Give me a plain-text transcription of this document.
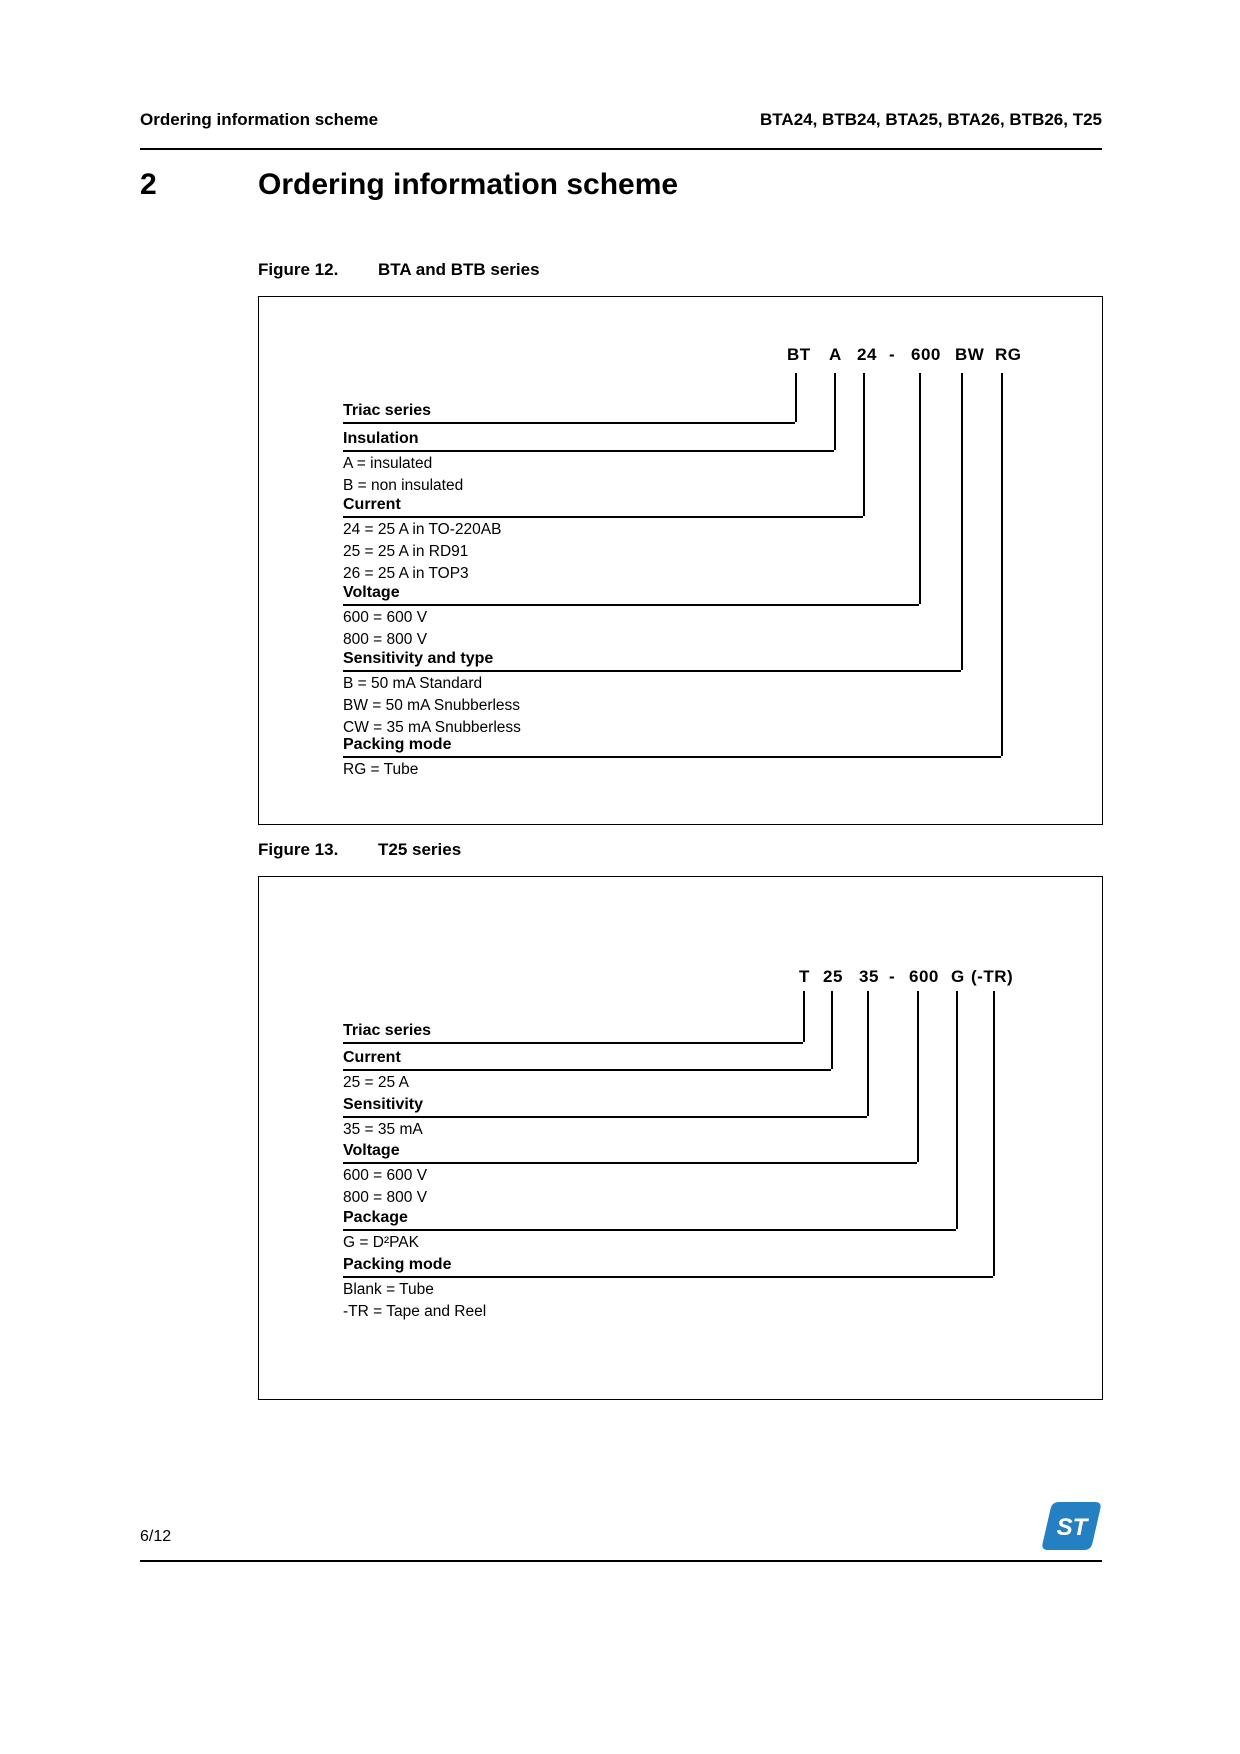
Ordering information scheme	BTA24, BTB24, BTA25, BTA26, BTB26, T25
2	Ordering information scheme
Figure 12.	BTA and BTB series
BT A 24 - 600 BW RG
Triac series
Insulation
A = insulated
B = non insulated
Current
24 = 25 A in TO-220AB
25 = 25 A in RD91
26 = 25 A in TOP3
Voltage
600 = 600 V
800 = 800 V
Sensitivity and type
B = 50 mA Standard
BW = 50 mA Snubberless
CW = 35 mA Snubberless
Packing mode
RG = Tube
Figure 13.	T25 series
T 25 35 - 600 G (-TR)
Triac series
Current
25 = 25 A
Sensitivity
35 = 35 mA
Voltage
600 = 600 V
800 = 800 V
Package
G = D²PAK
Packing mode
Blank = Tube
-TR = Tape and Reel
6/12	ST
